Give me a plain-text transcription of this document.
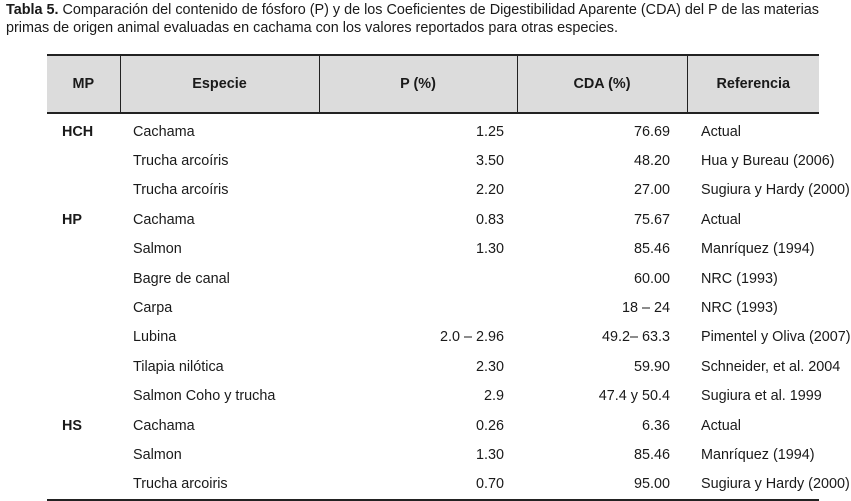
Tabla 5. Comparación del contenido de fósforo (P) y de los Coeficientes de Digestibilidad Aparente (CDA) del P de las materias primas de origen animal evaluadas en cachama con los valores reportados para otras especies.
MP	Especie	P (%)	CDA (%)	Referencia
HCH	Cachama	1.25	76.69	Actual
	Trucha arcoíris	3.50	48.20	Hua y Bureau (2006)
	Trucha arcoíris	2.20	27.00	Sugiura y Hardy (2000)
HP	Cachama	0.83	75.67	Actual
	Salmon	1.30	85.46	Manríquez (1994)
	Bagre de canal		60.00	NRC (1993)
	Carpa		18 – 24	NRC (1993)
	Lubina	2.0 – 2.96	49.2– 63.3	Pimentel y Oliva (2007)
	Tilapia nilótica	2.30	59.90	Schneider, et al. 2004
	Salmon Coho y trucha	2.9	47.4 y 50.4	Sugiura et al. 1999
HS	Cachama	0.26	6.36	Actual
	Salmon	1.30	85.46	Manríquez (1994)
	Trucha arcoiris	0.70	95.00	Sugiura y Hardy (2000)
